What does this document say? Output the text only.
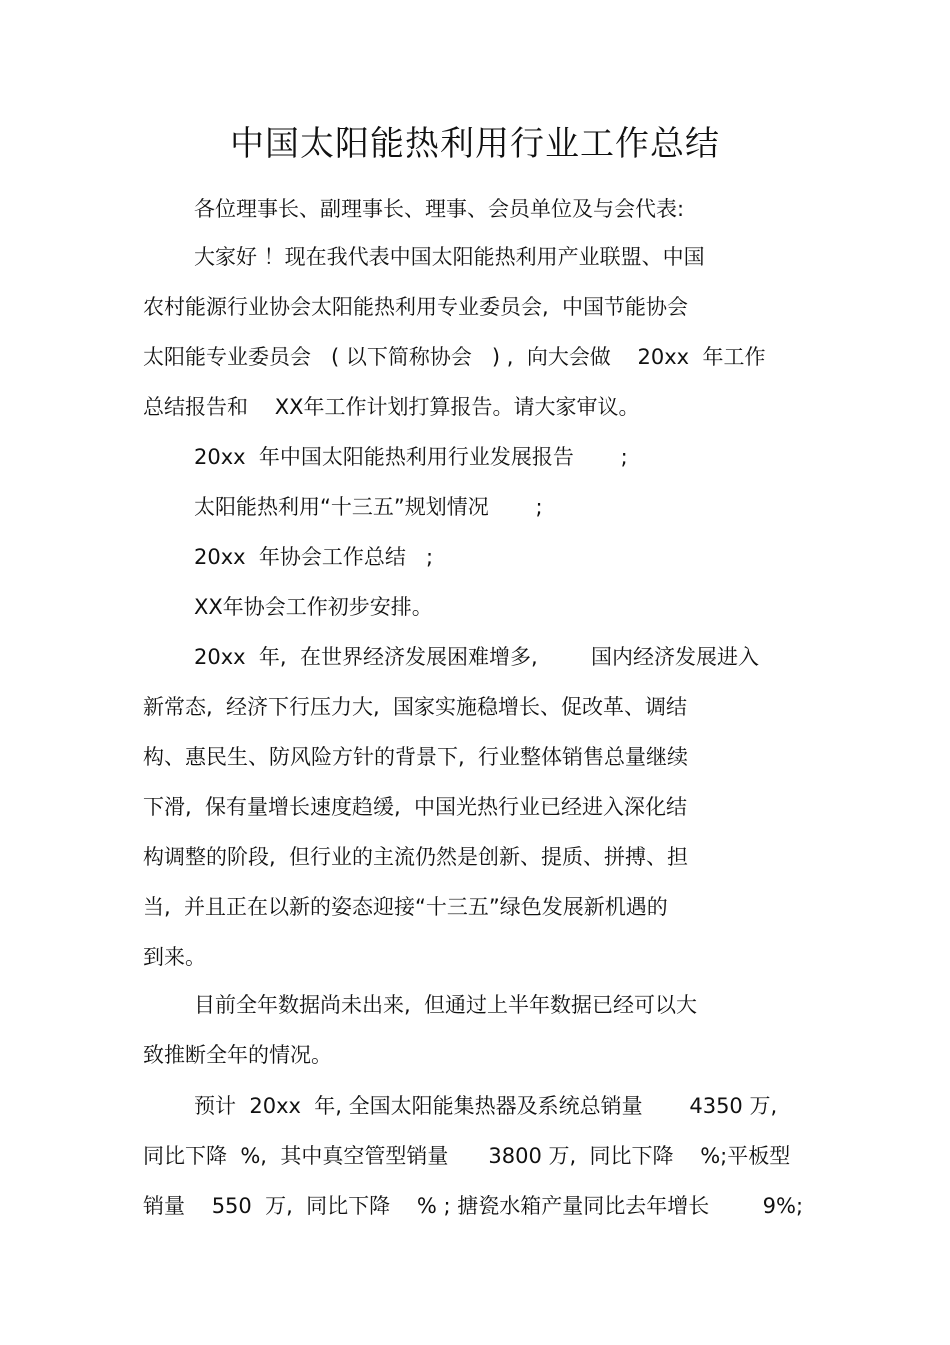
中国太阳能热利用行业工作总结

各位理事长、副理事长、理事、会员单位及与会代表:

大家好 ！现在我代表中国太阳能热利用产业联盟、中国

农村能源行业协会太阳能热利用专业委员会,  中国节能协会

太阳能专业委员会   ( 以下简称协会   ) ,  向大会做    20xx  年工作

总结报告和    XX年工作计划打算报告。请大家审议。

20xx  年中国太阳能热利用行业发展报告       ;

太阳能热利用“十三五”规划情况       ;

20xx  年协会工作总结   ;

XX年协会工作初步安排。

20xx  年,  在世界经济发展困难增多,        国内经济发展进入

新常态,  经济下行压力大,  国家实施稳增长、促改革、调结

构、惠民生、防风险方针的背景下,  行业整体销售总量继续

下滑,  保有量增长速度趋缓,  中国光热行业已经进入深化结

构调整的阶段,  但行业的主流仍然是创新、提质、拼搏、担

当,  并且正在以新的姿态迎接“十三五”绿色发展新机遇的

到来。

目前全年数据尚未出来,  但通过上半年数据已经可以大

致推断全年的情况。

预计  20xx  年, 全国太阳能集热器及系统总销量       4350 万,

同比下降  %,  其中真空管型销量      3800 万,  同比下降    %;平板型

销量    550  万,  同比下降    % ; 搪瓷水箱产量同比去年增长        9%;
